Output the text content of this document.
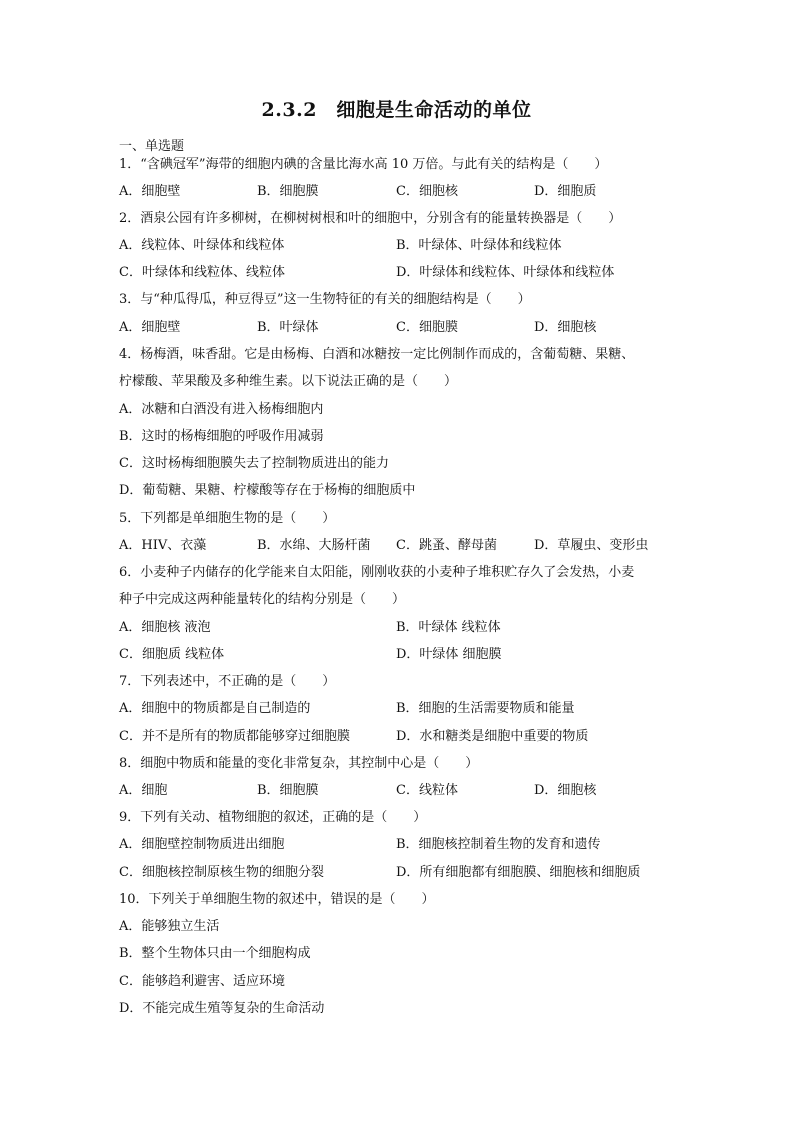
2.3.2　细胞是生命活动的单位
一、单选题
1．“含碘冠军”海带的细胞内碘的含量比海水高 10 万倍。与此有关的结构是（　　）
A．细胞壁	B．细胞膜	C．细胞核	D．细胞质
2．酒泉公园有许多柳树，在柳树树根和叶的细胞中，分别含有的能量转换器是（　　）
A．线粒体、叶绿体和线粒体	B．叶绿体、叶绿体和线粒体
C．叶绿体和线粒体、线粒体	D．叶绿体和线粒体、叶绿体和线粒体
3．与“种瓜得瓜，种豆得豆”这一生物特征的有关的细胞结构是（　　）
A．细胞壁	B．叶绿体	C．细胞膜	D．细胞核
4．杨梅酒，味香甜。它是由杨梅、白酒和冰糖按一定比例制作而成的，含葡萄糖、果糖、
柠檬酸、苹果酸及多种维生素。以下说法正确的是（　　）
A．冰糖和白酒没有进入杨梅细胞内
B．这时的杨梅细胞的呼吸作用减弱
C．这时杨梅细胞膜失去了控制物质进出的能力
D．葡萄糖、果糖、柠檬酸等存在于杨梅的细胞质中
5．下列都是单细胞生物的是（　　）
A．HIV、衣藻	B．水绵、大肠杆菌 C．跳蚤、酵母菌	D．草履虫、变形虫
6．小麦种子内储存的化学能来自太阳能，刚刚收获的小麦种子堆积贮存久了会发热，小麦
种子中完成这两种能量转化的结构分别是（　　）
A．细胞核 液泡	B．叶绿体 线粒体
C．细胞质 线粒体	D．叶绿体 细胞膜
7．下列表述中，不正确的是（　　）
A．细胞中的物质都是自己制造的	B．细胞的生活需要物质和能量
C．并不是所有的物质都能够穿过细胞膜	D．水和糖类是细胞中重要的物质
8．细胞中物质和能量的变化非常复杂，其控制中心是（　　）
A．细胞	B．细胞膜	C．线粒体	D．细胞核
9．下列有关动、植物细胞的叙述，正确的是（　　）
A．细胞壁控制物质进出细胞	B．细胞核控制着生物的发育和遗传
C．细胞核控制原核生物的细胞分裂	D．所有细胞都有细胞膜、细胞核和细胞质
10．下列关于单细胞生物的叙述中，错误的是（　　）
A．能够独立生活
B．整个生物体只由一个细胞构成
C．能够趋利避害、适应环境
D．不能完成生殖等复杂的生命活动
